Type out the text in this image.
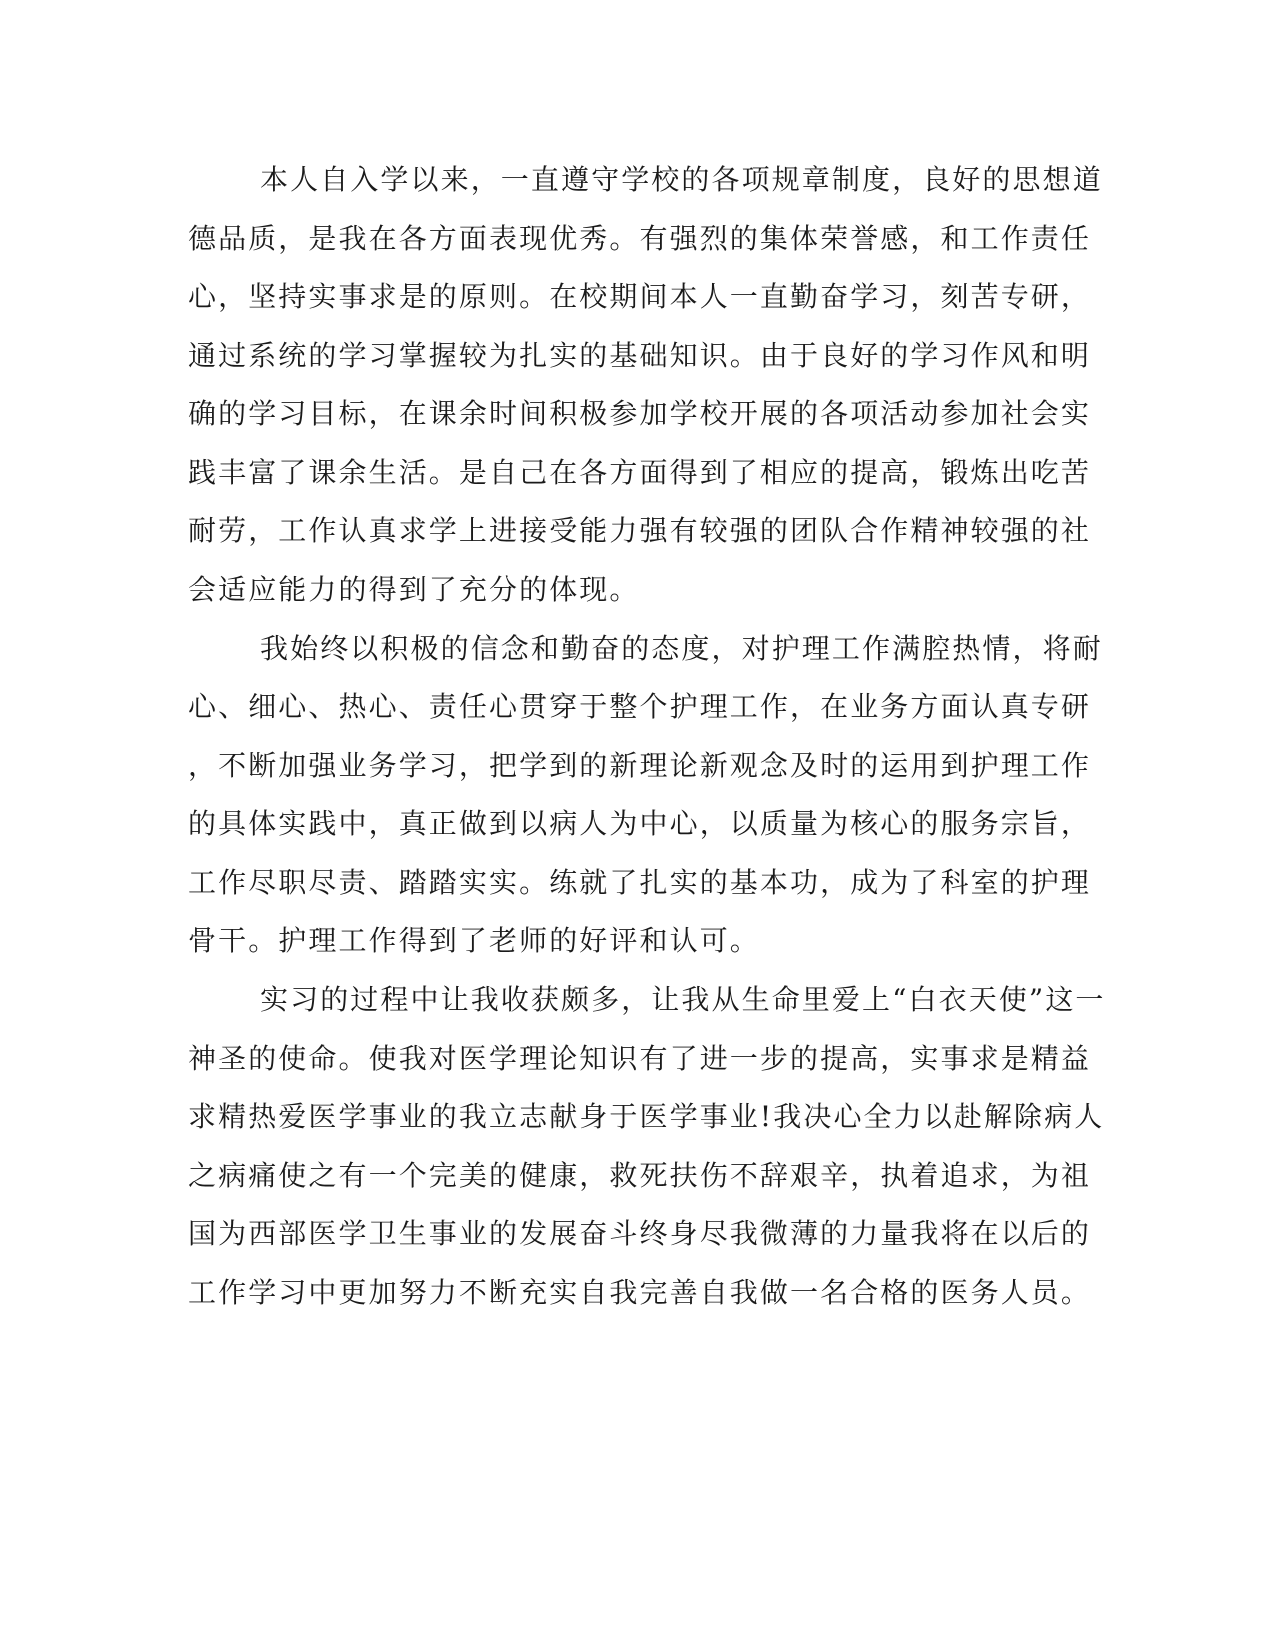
本人自入学以来，一直遵守学校的各项规章制度，良好的思想道
德品质，是我在各方面表现优秀。有强烈的集体荣誉感，和工作责任
心，坚持实事求是的原则。在校期间本人一直勤奋学习，刻苦专研，
通过系统的学习掌握较为扎实的基础知识。由于良好的学习作风和明
确的学习目标，在课余时间积极参加学校开展的各项活动参加社会实
践丰富了课余生活。是自己在各方面得到了相应的提高，锻炼出吃苦
耐劳，工作认真求学上进接受能力强有较强的团队合作精神较强的社
会适应能力的得到了充分的体现。
我始终以积极的信念和勤奋的态度，对护理工作满腔热情，将耐
心、细心、热心、责任心贯穿于整个护理工作，在业务方面认真专研
，不断加强业务学习，把学到的新理论新观念及时的运用到护理工作
的具体实践中，真正做到以病人为中心，以质量为核心的服务宗旨，
工作尽职尽责、踏踏实实。练就了扎实的基本功，成为了科室的护理
骨干。护理工作得到了老师的好评和认可。
实习的过程中让我收获颇多，让我从生命里爱上“白衣天使”这一
神圣的使命。使我对医学理论知识有了进一步的提高，实事求是精益
求精热爱医学事业的我立志献身于医学事业!我决心全力以赴解除病人
之病痛使之有一个完美的健康，救死扶伤不辞艰辛，执着追求，为祖
国为西部医学卫生事业的发展奋斗终身尽我微薄的力量我将在以后的
工作学习中更加努力不断充实自我完善自我做一名合格的医务人员。
